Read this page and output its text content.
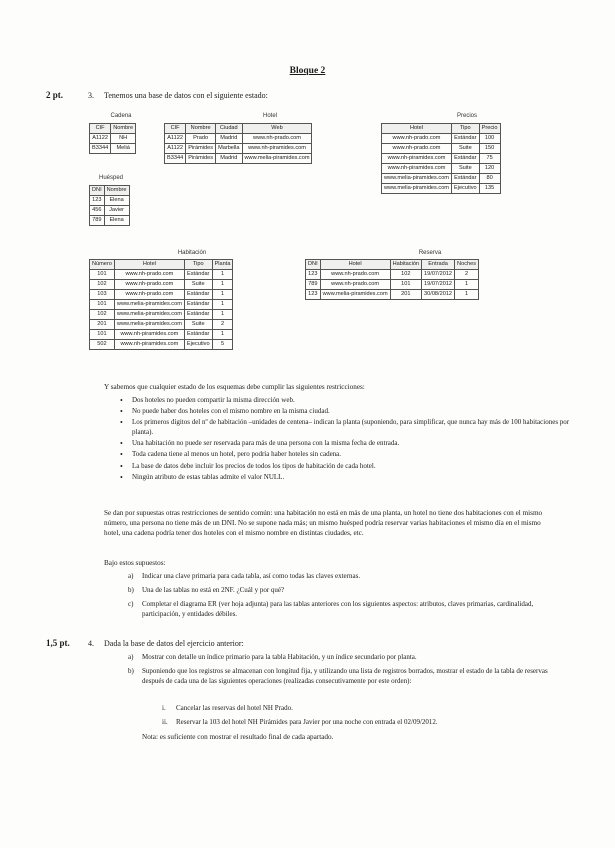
Bloque 2
2 pt.	3. Tenemos una base de datos con el siguiente estado:
Cadena	Hotel	Precios
Huésped
Habitación	Reserva
CIF	Nombre
A1122	NH
B3344	Meliá
CIF	Nombre	Ciudad	Web
A1122	Prado	Madrid	www.nh-prado.com
A1122	Pirámides	Marbella	www.nh-piramides.com
B3344	Pirámides	Madrid	www.melia-piramides.com
Hotel	Tipo	Precio
www.nh-prado.com	Estándar	100
www.nh-prado.com	Suite	150
www.nh-piramides.com	Estándar	75
www.nh-piramides.com	Suite	120
www.melia-piramides.com	Estándar	80
www.melia-piramides.com	Ejecutivo	135
DNI	Nombre
123	Elena
456	Javier
789	Elena
Número	Hotel	Tipo	Planta
101	www.nh-prado.com	Estándar	1
102	www.nh-prado.com	Suite	1
103	www.nh-prado.com	Estándar	1
101	www.melia-piramides.com	Estándar	1
102	www.melia-piramides.com	Estándar	1
201	www.melia-piramides.com	Suite	2
101	www.nh-piramides.com	Estándar	1
502	www.nh-piramides.com	Ejecutivo	5
DNI	Hotel	Habitación	Entrada	Noches
123	www.nh-prado.com	102	19/07/2012	2
789	www.nh-prado.com	101	19/07/2012	1
123	www.melia-piramides.com	201	30/08/2012	1
Y sabemos que cualquier estado de los esquemas debe cumplir las siguientes restricciones:
• Dos hoteles no pueden compartir la misma dirección web.
• No puede haber dos hoteles con el mismo nombre en la misma ciudad.
• Los primeros dígitos del nº de habitación –unidades de centena– indican la planta (suponiendo, para simplificar, que nunca hay más de 100 habitaciones por planta).
• Una habitación no puede ser reservada para más de una persona con la misma fecha de entrada.
• Toda cadena tiene al menos un hotel, pero podría haber hoteles sin cadena.
• La base de datos debe incluir los precios de todos los tipos de habitación de cada hotel.
• Ningún atributo de estas tablas admite el valor NULL.
Se dan por supuestas otras restricciones de sentido común: una habitación no está en más de una planta, un hotel no tiene dos habitaciones con el mismo número, una persona no tiene más de un DNI. No se supone nada más; un mismo huésped podría reservar varias habitaciones el mismo día en el mismo hotel, una cadena podría tener dos hoteles con el mismo nombre en distintas ciudades, etc.
Bajo estos supuestos:
a) Indicar una clave primaria para cada tabla, así como todas las claves externas.
b) Una de las tablas no está en 2NF. ¿Cuál y por qué?
c) Completar el diagrama ER (ver hoja adjunta) para las tablas anteriores con los siguientes aspectos: atributos, claves primarias, cardinalidad, participación, y entidades débiles.
1,5 pt. 4. Dada la base de datos del ejercicio anterior:
a) Mostrar con detalle un índice primario para la tabla Habitación, y un índice secundario por planta.
b) Suponiendo que los registros se almacenan con longitud fija, y utilizando una lista de registros borrados, mostrar el estado de la tabla de reservas después de cada una de las siguientes operaciones (realizadas consecutivamente por este orden):
i. Cancelar las reservas del hotel NH Prado.
ii. Reservar la 103 del hotel NH Pirámides para Javier por una noche con entrada el 02/09/2012.
Nota: es suficiente con mostrar el resultado final de cada apartado.
